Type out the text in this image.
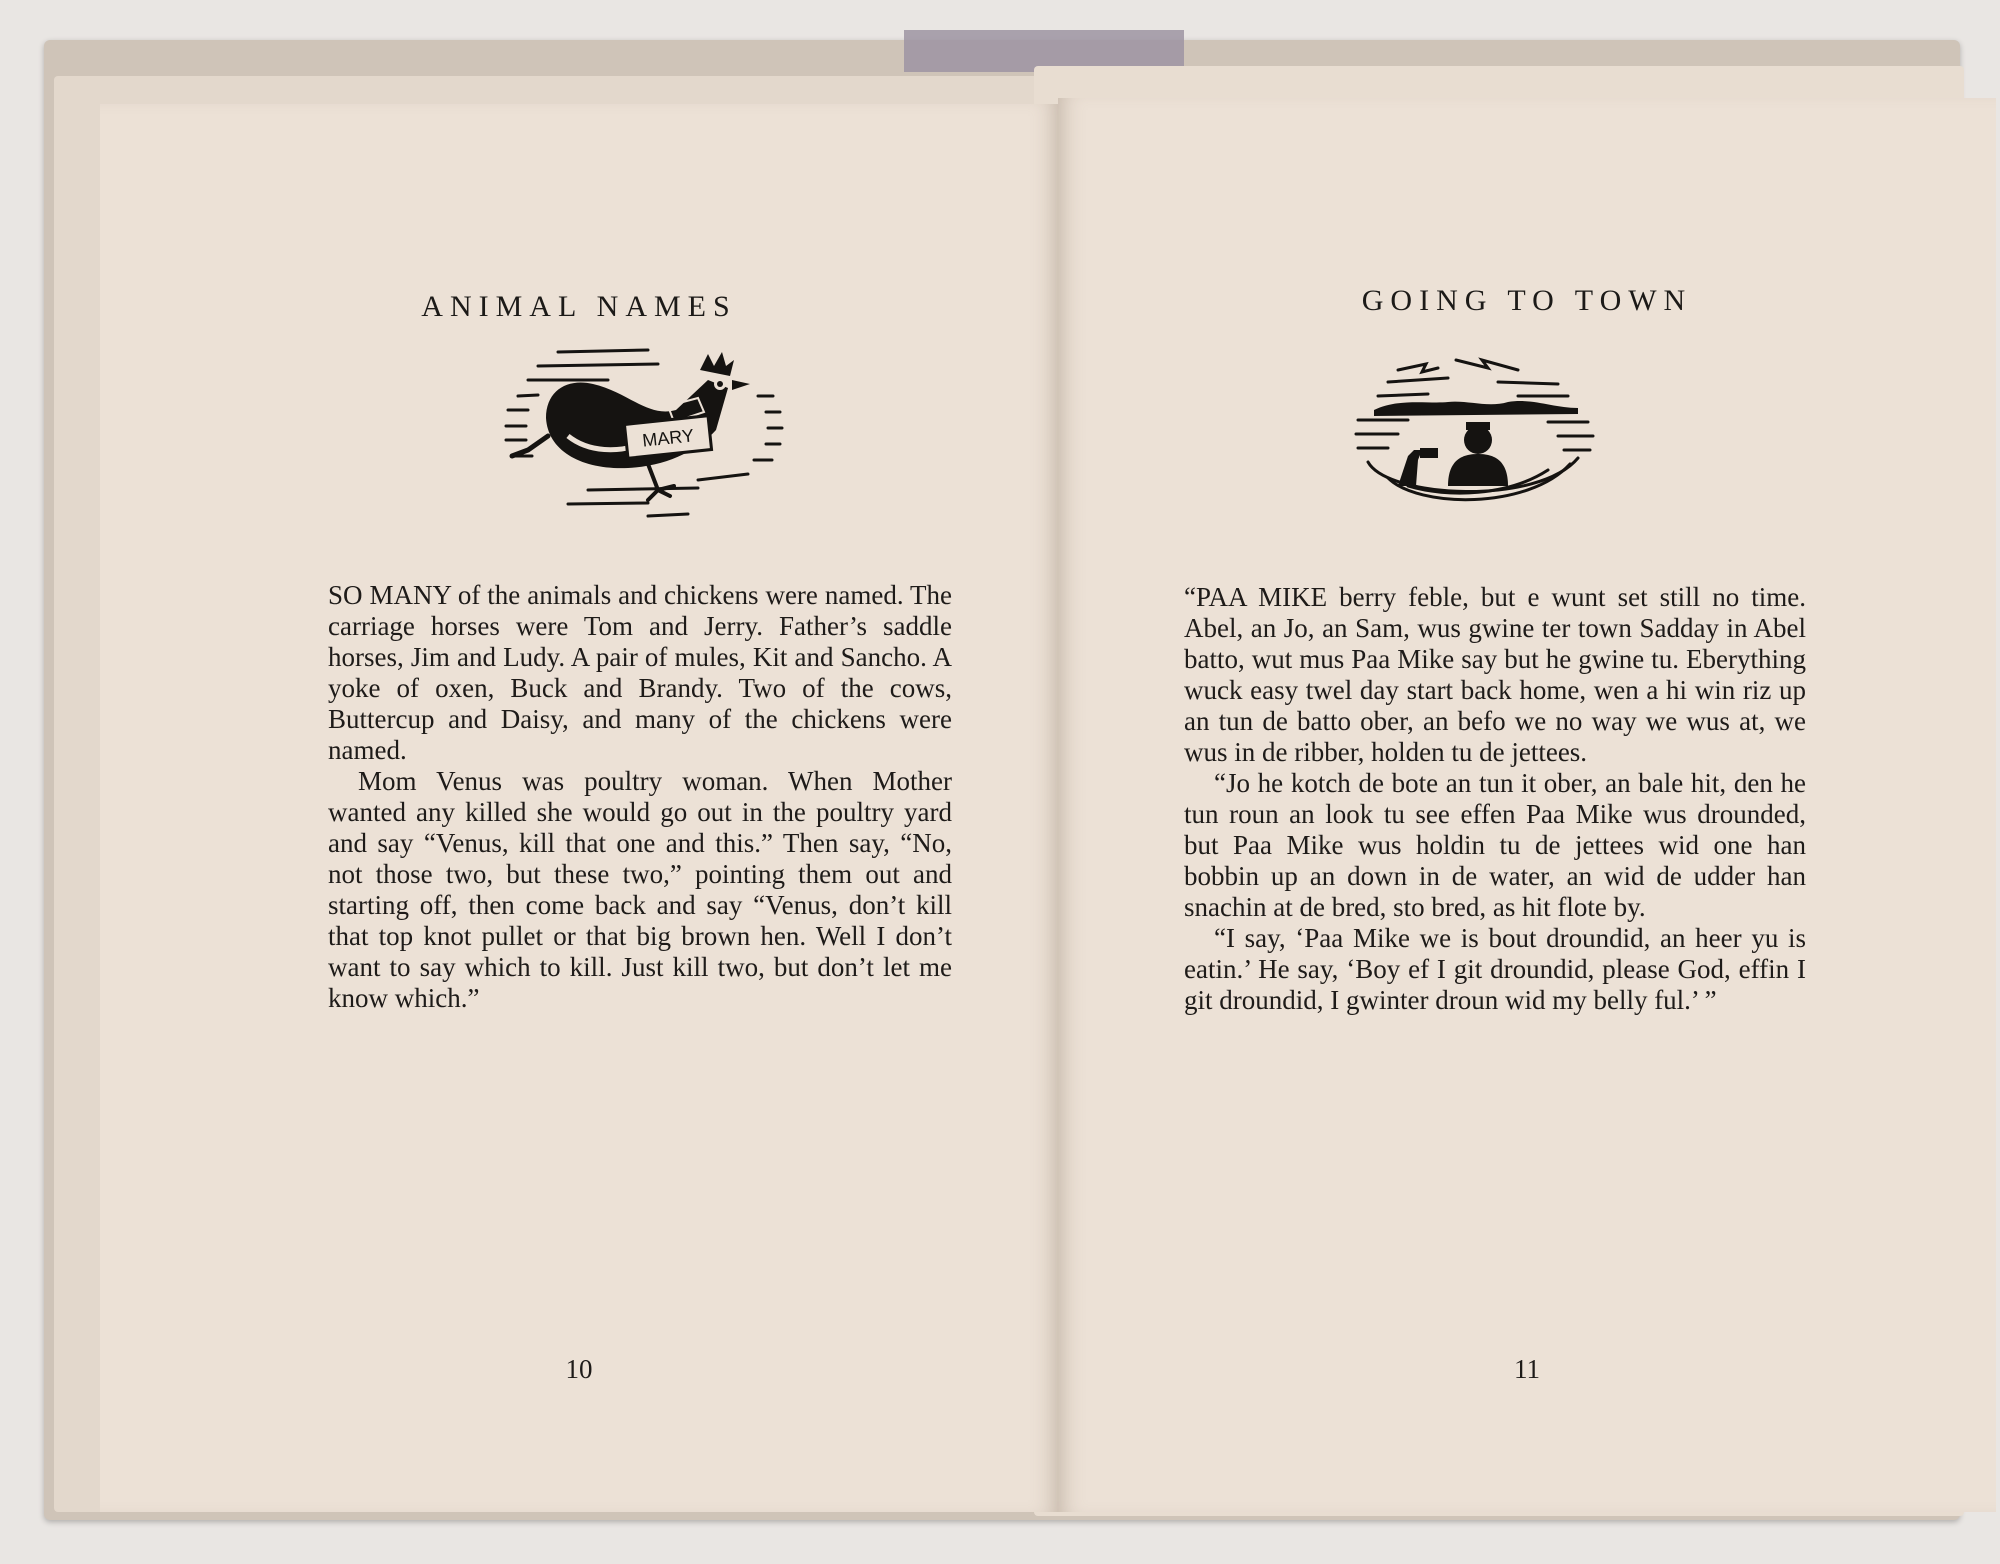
ANIMAL NAMES
MARY

SO MANY of the animals and chickens were named. The carriage horses were Tom and Jerry. Father’s saddle horses, Jim and Ludy. A pair of mules, Kit and Sancho. A yoke of oxen, Buck and Brandy. Two of the cows, Buttercup and Daisy, and many of the chickens were named.

Mom Venus was poultry woman. When Mother wanted any killed she would go out in the poultry yard and say “Venus, kill that one and this.” Then say, “No, not those two, but these two,” pointing them out and starting off, then come back and say “Venus, don’t kill that top knot pullet or that big brown hen. Well I don’t want to say which to kill. Just kill two, but don’t let me know which.”

10
GOING TO TOWN

“PAA MIKE berry feble, but e wunt set still no time. Abel, an Jo, an Sam, wus gwine ter town Sadday in Abel batto, wut mus Paa Mike say but he gwine tu. Eberything wuck easy twel day start back home, wen a hi win riz up an tun de batto ober, an befo we no way we wus at, we wus in de ribber, holden tu de jettees.

“Jo he kotch de bote an tun it ober, an bale hit, den he tun roun an look tu see effen Paa Mike wus drounded, but Paa Mike wus holdin tu de jettees wid one han bobbin up an down in de water, an wid de udder han snachin at de bred, sto bred, as hit flote by.

“I say, ‘Paa Mike we is bout droundid, an heer yu is eatin.’ He say, ‘Boy ef I git droundid, please God, effin I git droundid, I gwinter droun wid my belly ful.’ ”

11
